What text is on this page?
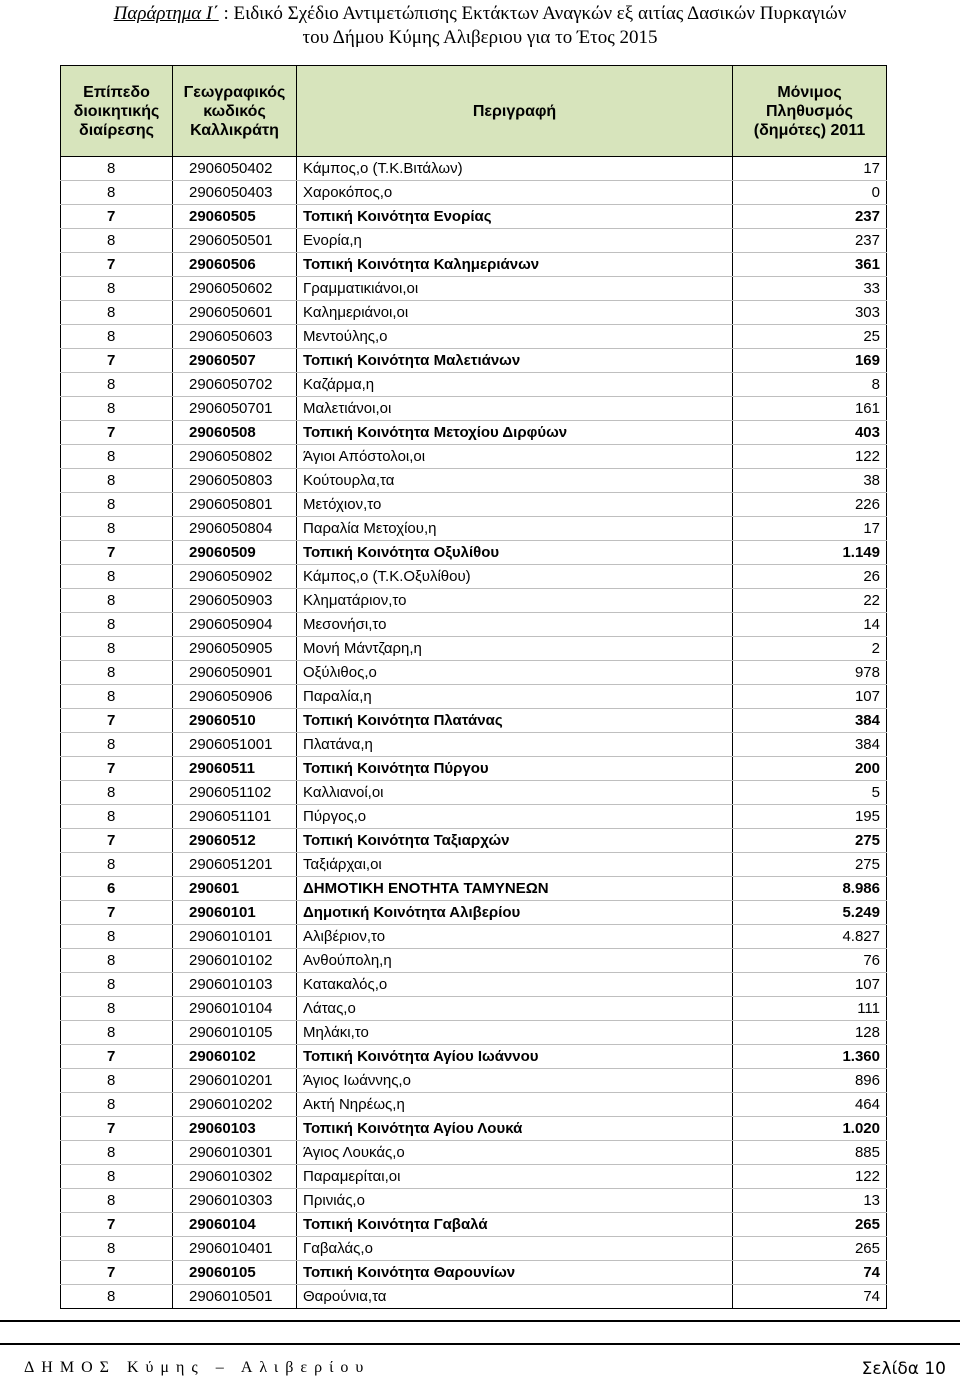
Παράρτημα Ι΄ : Ειδικό Σχέδιο Αντιμετώπισης Εκτάκτων Αναγκών εξ αιτίας Δασικών Πυρκαγιών
του Δήμου Κύμης Αλιβεριου για το Έτος 2015
Επίπεδο διοικητικής διαίρεσης	Γεωγραφικός κωδικός Καλλικράτη	Περιγραφή	Μόνιμος Πληθυσμός (δημότες) 2011
8	2906050402	Κάμπος,ο (Τ.Κ.Βιτάλων)	17
8	2906050403	Χαροκόπος,ο	0
7	29060505	Τοπική Κοινότητα Ενορίας	237
8	2906050501	Ενορία,η	237
7	29060506	Τοπική Κοινότητα Καλημεριάνων	361
8	2906050602	Γραμματικιάνοι,οι	33
8	2906050601	Καλημεριάνοι,οι	303
8	2906050603	Μεντούλης,ο	25
7	29060507	Τοπική Κοινότητα Μαλετιάνων	169
8	2906050702	Καζάρμα,η	8
8	2906050701	Μαλετιάνοι,οι	161
7	29060508	Τοπική Κοινότητα Μετοχίου Διρφύων	403
8	2906050802	Άγιοι Απόστολοι,οι	122
8	2906050803	Κούτουρλα,τα	38
8	2906050801	Μετόχιον,το	226
8	2906050804	Παραλία Μετοχίου,η	17
7	29060509	Τοπική Κοινότητα Οξυλίθου	1.149
8	2906050902	Κάμπος,ο (Τ.Κ.Οξυλίθου)	26
8	2906050903	Κληματάριον,το	22
8	2906050904	Μεσονήσι,το	14
8	2906050905	Μονή Μάντζαρη,η	2
8	2906050901	Οξύλιθος,ο	978
8	2906050906	Παραλία,η	107
7	29060510	Τοπική Κοινότητα Πλατάνας	384
8	2906051001	Πλατάνα,η	384
7	29060511	Τοπική Κοινότητα Πύργου	200
8	2906051102	Καλλιανοί,οι	5
8	2906051101	Πύργος,ο	195
7	29060512	Τοπική Κοινότητα Ταξιαρχών	275
8	2906051201	Ταξιάρχαι,οι	275
6	290601	ΔΗΜΟΤΙΚΗ ΕΝΟΤΗΤΑ ΤΑΜΥΝΕΩΝ	8.986
7	29060101	Δημοτική Κοινότητα Αλιβερίου	5.249
8	2906010101	Αλιβέριον,το	4.827
8	2906010102	Ανθούπολη,η	76
8	2906010103	Κατακαλός,ο	107
8	2906010104	Λάτας,ο	111
8	2906010105	Μηλάκι,το	128
7	29060102	Τοπική Κοινότητα Αγίου Ιωάννου	1.360
8	2906010201	Άγιος Ιωάννης,ο	896
8	2906010202	Ακτή Νηρέως,η	464
7	29060103	Τοπική Κοινότητα Αγίου Λουκά	1.020
8	2906010301	Άγιος Λουκάς,ο	885
8	2906010302	Παραμερίται,οι	122
8	2906010303	Πρινιάς,ο	13
7	29060104	Τοπική Κοινότητα Γαβαλά	265
8	2906010401	Γαβαλάς,ο	265
7	29060105	Τοπική Κοινότητα Θαρουνίων	74
8	2906010501	Θαρούνια,τα	74
ΔΗΜΟΣ Κύμης – Αλιβερίου	Σελίδα 10
